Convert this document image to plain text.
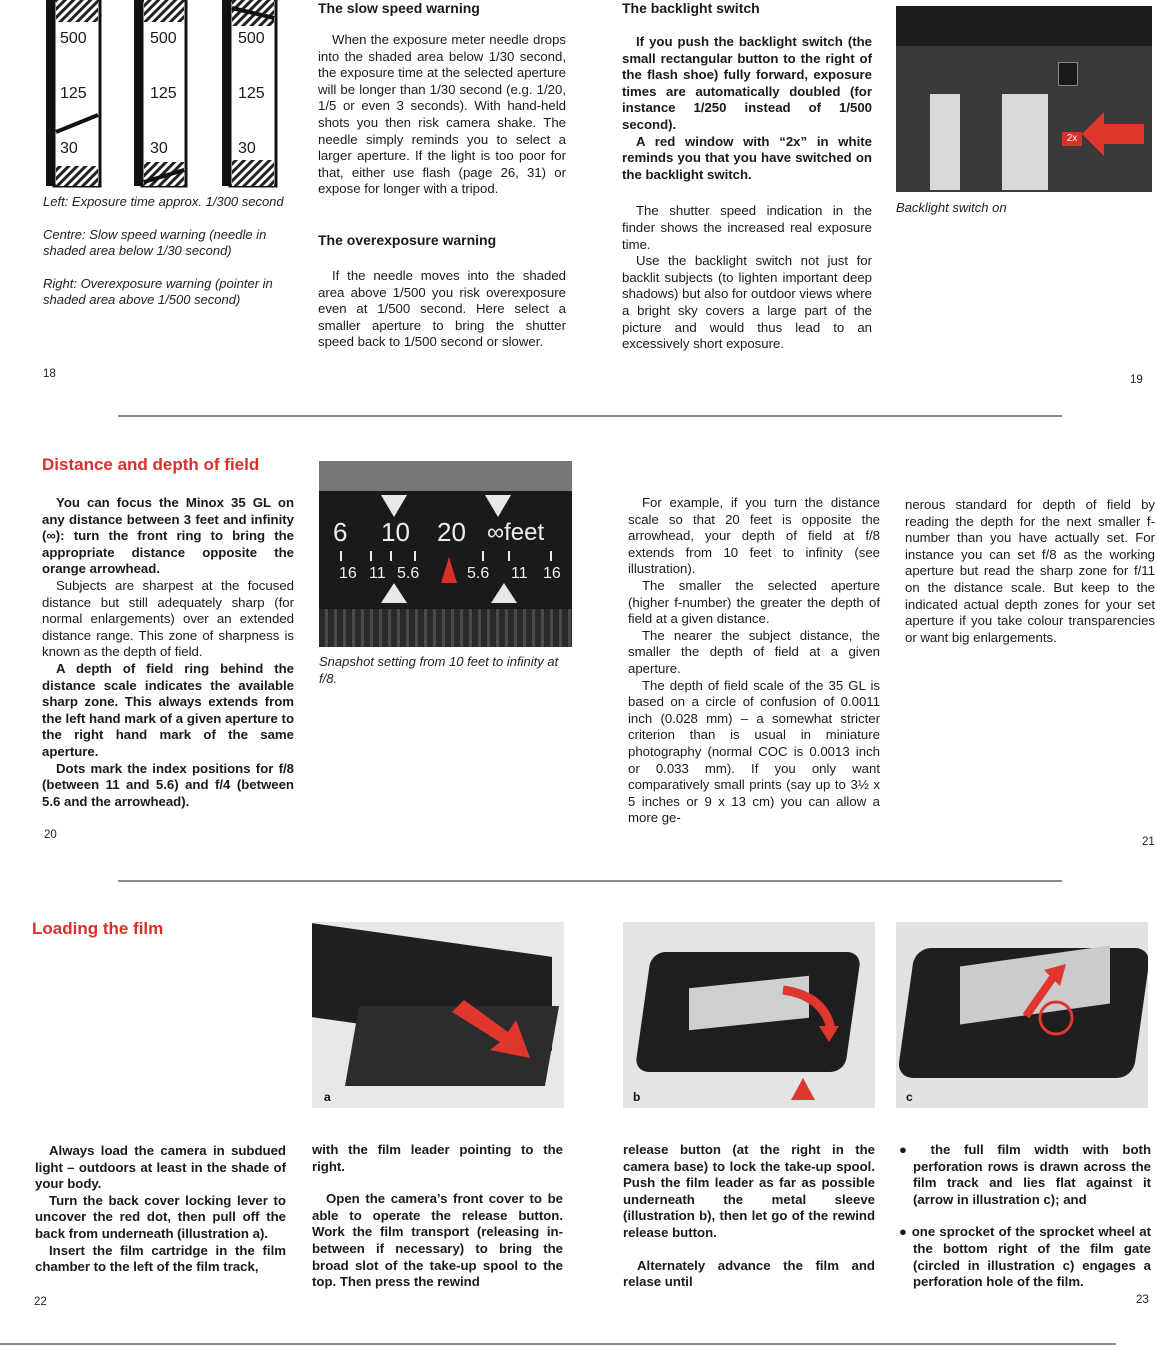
500
125
30
500
125
30
500
125
30

Left: Exposure time approx. 1/300 second

Centre: Slow speed warning (needle in shaded area below 1/30 second)

Right: Overexposure warning (pointer in shaded area above 1/500 second)

18
The slow speed warning

When the exposure meter needle drops into the shaded area below 1/30 second, the exposure time at the selected aperture will be longer than 1/30 second (e.g. 1/20, 1/5 or even 3 seconds). With hand-held shots you then risk camera shake. The needle simply reminds you to select a larger aperture. If the light is too poor for that, either use flash (page 26, 31) or expose for longer with a tripod.

The overexposure warning

If the needle moves into the shaded area above 1/500 you risk overexposure even at 1/500 second. Here select a smaller aperture to bring the shutter speed back to 1/500 second or slower.

The backlight switch

If you push the backlight switch (the small rectangular button to the right of the flash shoe) fully forward, exposure times are automatically doubled (for instance 1/250 instead of 1/500 second).

A red window with “2x” in white reminds you that you have switched on the backlight switch.

The shutter speed indication in the finder shows the increased real exposure time.

Use the backlight switch not just for backlit subjects (to lighten important deep shadows) but also for outdoor views where a bright sky covers a large part of the picture and would thus lead to an excessively short exposure.

2x
Backlight switch on
19
Distance and depth of field

You can focus the Minox 35 GL on any distance between 3 feet and infinity (∞): turn the front ring to bring the appropriate distance opposite the orange arrowhead.

Subjects are sharpest at the focused distance but still adequately sharp (for normal enlargements) over an extended distance range. This zone of sharpness is known as the depth of field.

A depth of field ring behind the distance scale indicates the available sharp zone. This always extends from the left hand mark of a given aperture to the right hand mark of the same aperture.

Dots mark the index positions for f/8 (between 11 and 5.6) and f/4 (between 5.6 and the arrowhead).

20
6 10 20 ∞feet
16 11 5.6	5.6 11 16
Snapshot setting from 10 feet to infinity at f/8.

For example, if you turn the distance scale so that 20 feet is opposite the arrowhead, your depth of field at f/8 extends from 10 feet to infinity (see illustration).

The smaller the selected aperture (higher f-number) the greater the depth of field at a given distance.

The nearer the subject distance, the smaller the depth of field at a given aperture.

The depth of field scale of the 35 GL is based on a circle of confusion of 0.0011 inch (0.028 mm) – a somewhat stricter criterion than is usual in miniature photography (normal COC is 0.0013 inch or 0.033 mm). If you only want comparatively small prints (say up to 3½ x 5 inches or 9 x 13 cm) you can allow a more ge-

nerous standard for depth of field by reading the depth for the next smaller f-number than you have actually set. For instance you can set f/8 as the working aperture but read the sharp zone for f/11 on the distance scale. But keep to the indicated actual depth zones for your set aperture if you take colour transparencies or want big enlargements.

21
Loading the film
a

Always load the camera in subdued light – outdoors at least in the shade of your body.

Turn the back cover locking lever to uncover the red dot, then pull off the back from underneath (illustration a).

Insert the film cartridge in the film chamber to the left of the film track,

22

with the film leader pointing to the right.

Open the camera’s front cover to be able to operate the release button. Work the film transport (releasing in-between if necessary) to bring the broad slot of the take-up spool to the top. Then press the rewind

b	c

release button (at the right in the camera base) to lock the take-up spool. Push the film leader as far as possible underneath the metal sleeve (illustration b), then let go of the rewind release button.

Alternately advance the film and relase until

● the full film width with both perforation rows is drawn across the film track and lies flat against it (arrow in illustration c); and

● one sprocket of the sprocket wheel at the bottom right of the film gate (circled in illustration c) engages a perforation hole of the film.

23
